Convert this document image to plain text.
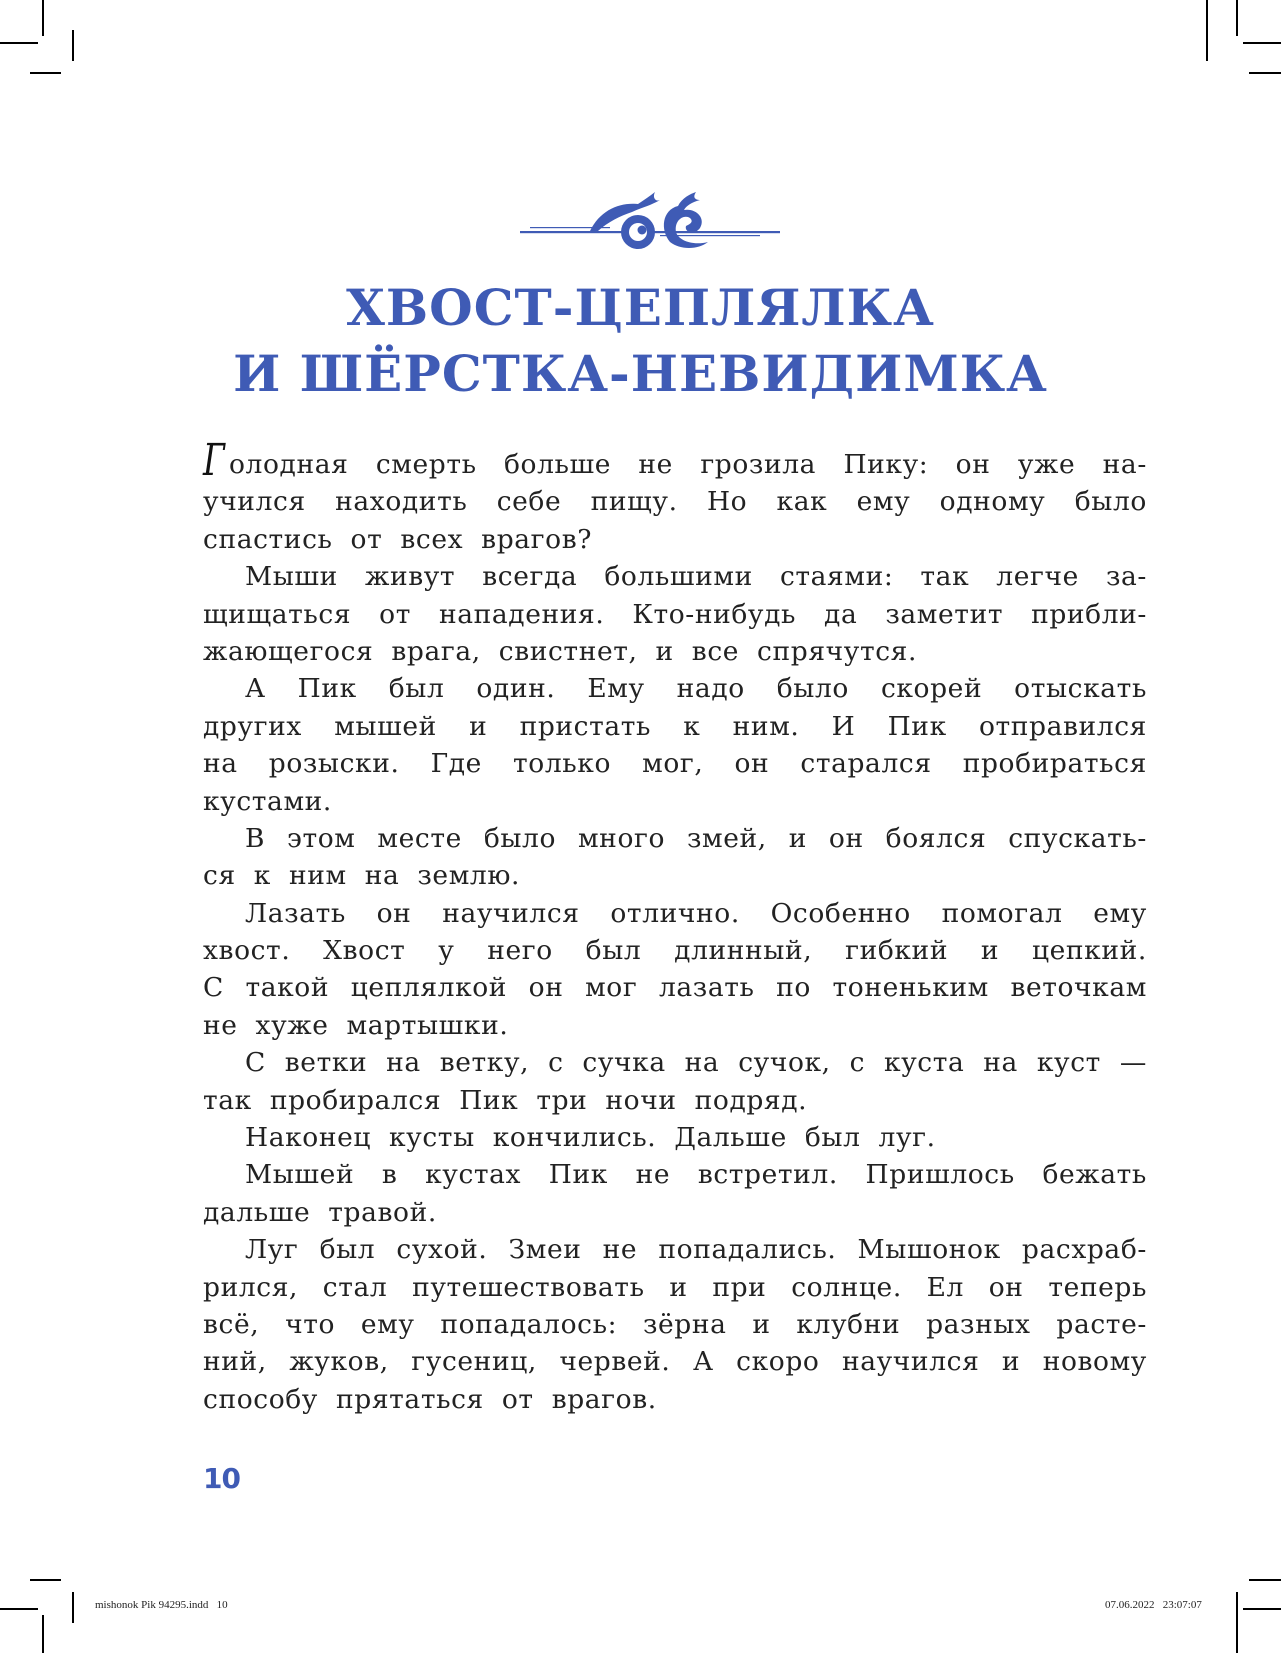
ХВОСТ-ЦЕПЛЯЛКА
И ШЁРСТКА-НЕВИДИМКА
Г олодная смерть больше не грозила Пику: он уже на-
учился находить себе пищу. Но как ему одному было
спастись от всех врагов?
Мыши живут всегда большими стаями: так легче за-
щищаться от нападения. Кто-нибудь да заметит прибли-
жающегося врага, свистнет, и все спрячутся.
А Пик был один. Ему надо было скорей отыскать
других мышей и пристать к ним. И Пик отправился
на розыски. Где только мог, он старался пробираться
кустами.
В этом месте было много змей, и он боялся спускать-
ся к ним на землю.
Лазать он научился отлично. Особенно помогал ему
хвост. Хвост у него был длинный, гибкий и цепкий.
С такой цеплялкой он мог лазать по тоненьким веточкам
не хуже мартышки.
С ветки на ветку, с сучка на сучок, с куста на куст —
так пробирался Пик три ночи подряд.
Наконец кусты кончились. Дальше был луг.
Мышей в кустах Пик не встретил. Пришлось бежать
дальше травой.
Луг был сухой. Змеи не попадались. Мышонок расхраб-
рился, стал путешествовать и при солнце. Ел он теперь
всё, что ему попадалось: зёрна и клубни разных расте-
ний, жуков, гусениц, червей. А скоро научился и новому
способу прятаться от врагов.
10
mishonok Pik 94295.indd   10	07.06.2022   23:07:07
